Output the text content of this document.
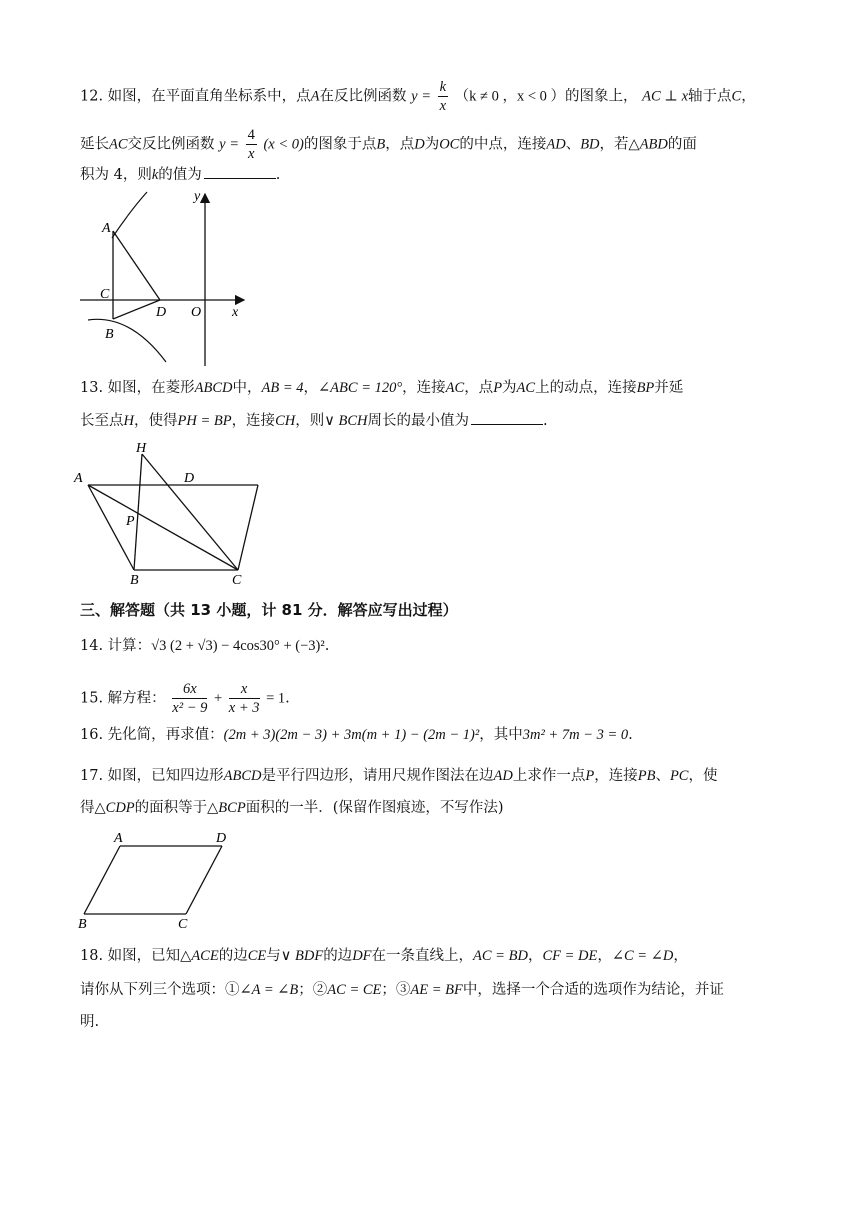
12. 如图，在平面直角坐标系中，点A在反比例函数 $y = \frac{k}{x} (k \ne 0$ ，x < 0 ）的图象上， AC ⊥ x轴于点C，
延长AC交反比例函数 $y = \frac{4}{x} (x < 0)$的图象于点B，点D为OC的中点，连接AD、BD，若△ABD的面
积为 4，则k的值为	.
A
C
B
D O x
y
13. 如图，在菱形ABCD中，AB = 4，∠ABC = 120°，连接AC，点P为AC上的动点，连接BP并延
长至点H，使得PH = BP，连接CH，则∨ BCH周长的最小值为	.
A
H
D
P
B	C
三、解答题（共 13 小题，计 81 分．解答应写出过程）
14. 计算：√3 (2 + √3) − 4cos30° + (−3)².
15. 解方程： $\frac{6x}{\text{x² − 9}} + \frac{x}{x + 3} = 1$.
16. 先化简，再求值：(2m + 3)(2m − 3) + 3m(m + 1) − (2m − 1)²，其中3m² + 7m − 3 = 0.
17. 如图，已知四边形ABCD是平行四边形，请用尺规作图法在边AD上求作一点P，连接PB、PC，使
得△CDP的面积等于△BCP面积的一半．(保留作图痕迹，不写作法)
A	D
B	C
18. 如图，已知△ACE的边CE与∨ BDF的边DF在一条直线上，AC = BD，CF = DE，∠C = ∠D，
请你从下列三个选项：①∠A = ∠B；②AC = CE；③AE = BF中，选择一个合适的选项作为结论，并证
明.
